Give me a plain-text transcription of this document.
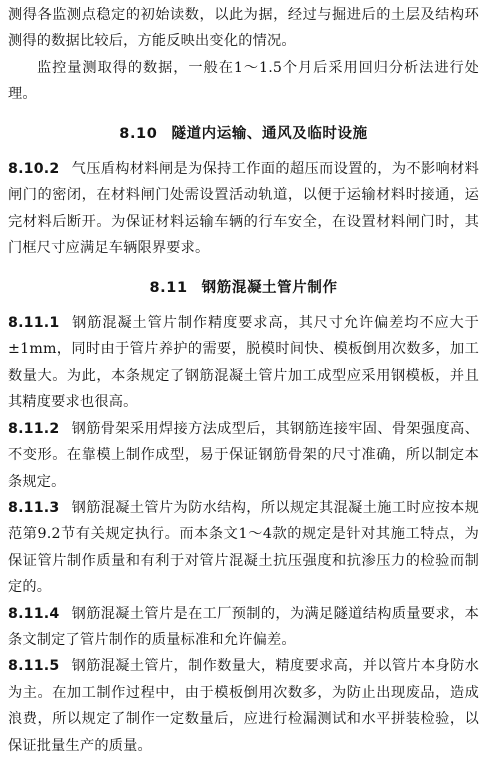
测得各监测点稳定的初始读数，以此为据，经过与掘进后的土层及结构环测得的数据比较后，方能反映出变化的情况。

监控量测取得的数据，一般在1～1.5个月后采用回归分析法进行处理。

8.10 隧道内运输、通风及临时设施

8.10.2 气压盾构材料闸是为保持工作面的超压而设置的，为不影响材料闸门的密闭，在材料闸门处需设置活动轨道，以便于运输材料时接通，运完材料后断开。为保证材料运输车辆的行车安全，在设置材料闸门时，其门框尺寸应满足车辆限界要求。

8.11 钢筋混凝土管片制作

8.11.1 钢筋混凝土管片制作精度要求高，其尺寸允许偏差均不应大于±1mm，同时由于管片养护的需要，脱模时间快、模板倒用次数多，加工数量大。为此，本条规定了钢筋混凝土管片加工成型应采用钢模板，并且其精度要求也很高。

8.11.2 钢筋骨架采用焊接方法成型后，其钢筋连接牢固、骨架强度高、不变形。在靠模上制作成型，易于保证钢筋骨架的尺寸准确，所以制定本条规定。

8.11.3 钢筋混凝土管片为防水结构，所以规定其混凝土施工时应按本规范第9.2节有关规定执行。而本条文1～4款的规定是针对其施工特点，为保证管片制作质量和有利于对管片混凝土抗压强度和抗渗压力的检验而制定的。

8.11.4 钢筋混凝土管片是在工厂预制的，为满足隧道结构质量要求，本条文制定了管片制作的质量标准和允许偏差。

8.11.5 钢筋混凝土管片，制作数量大，精度要求高，并以管片本身防水为主。在加工制作过程中，由于模板倒用次数多，为防止出现废品，造成浪费，所以规定了制作一定数量后，应进行检漏测试和水平拼装检验，以保证批量生产的质量。
